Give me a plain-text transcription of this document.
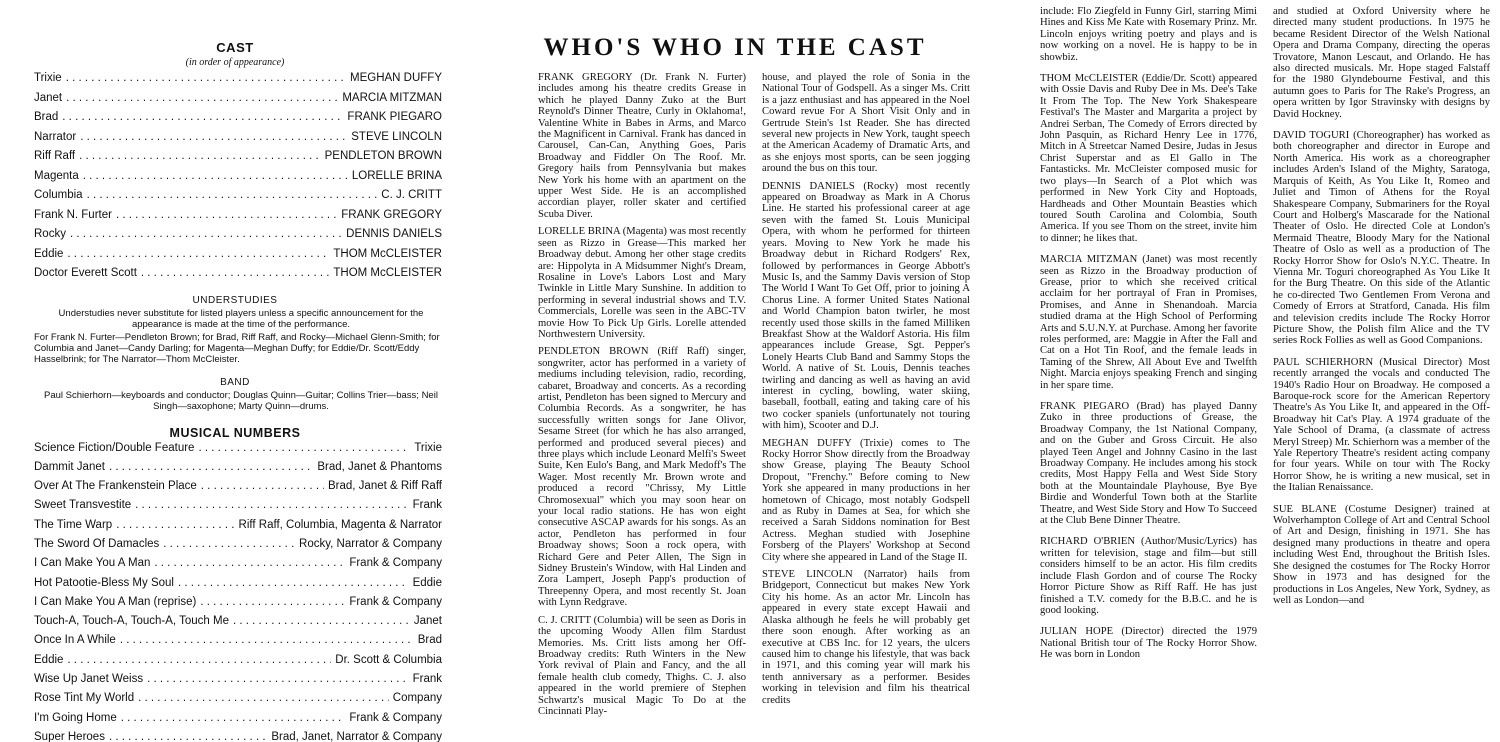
CAST
(in order of appearance)
Trixie . . .	MEGHAN DUFFY
Janet . . .	MARCIA MITZMAN
Brad . . .	FRANK PIEGARO
Narrator . . .	STEVE LINCOLN
Riff Raff . . .	PENDLETON BROWN
Magenta . . .	LORELLE BRINA
Columbia . . .	C. J. CRITT
Frank N. Furter . . .	FRANK GREGORY
Rocky . . .	DENNIS DANIELS
Eddie . . .	THOM McCLEISTER
Doctor Everett Scott . . .	THOM McCLEISTER
UNDERSTUDIES
Understudies never substitute for listed players unless a specific announcement for the appearance is made at the time of the performance.
For Frank N. Furter—Pendleton Brown; for Brad, Riff Raff, and Rocky—Michael Glenn-Smith; for Columbia and Janet—Candy Darling; for Magenta—Meghan Duffy; for Eddie/Dr. Scott/Eddy Hasselbrink; for The Narrator—Thom McCleister.
BAND
Paul Schierhorn—keyboards and conductor; Douglas Quinn—Guitar; Collins Trier—bass; Neil Singh—saxophone; Marty Quinn—drums.
MUSICAL NUMBERS
Science Fiction/Double Feature . . .	Trixie
Dammit Janet . . .	Brad, Janet & Phantoms
Over At The Frankenstein Place . . .	Brad, Janet & Riff Raff
Sweet Transvestite . . .	Frank
The Time Warp . . .	Riff Raff, Columbia, Magenta & Narrator
The Sword Of Damacles . . .	Rocky, Narrator & Company
I Can Make You A Man . . .	Frank & Company
Hot Patootie-Bless My Soul . . .	Eddie
I Can Make You A Man (reprise) . . .	Frank & Company
Touch-A, Touch-A, Touch-A, Touch Me . . .	Janet
Once In A While . . .	Brad
Eddie . . .	Dr. Scott & Columbia
Wise Up Janet Weiss . . .	Frank
Rose Tint My World . . .	Company
I'm Going Home . . .	Frank & Company
Super Heroes . . .	Brad, Janet, Narrator & Company
WHO'S WHO IN THE CAST

FRANK GREGORY (Dr. Frank N. Furter) includes among his theatre credits Grease in which he played Danny Zuko at the Burt Reynold's Dinner Theatre, Curly in Oklahoma!, Valentine White in Babes in Arms, and Marco the Magnificent in Carnival. Frank has danced in Carousel, Can-Can, Anything Goes, Paris Broadway and Fiddler On The Roof. Mr. Gregory hails from Pennsylvania but makes New York his home with an apartment on the upper West Side. He is an accomplished accordian player, roller skater and certified Scuba Diver.

LORELLE BRINA (Magenta) was most recently seen as Rizzo in Grease—This marked her Broadway debut. Among her other stage credits are: Hippolyta in A Midsummer Night's Dream, Rosaline in Love's Labors Lost and Mary Twinkle in Little Mary Sunshine. In addition to performing in several industrial shows and T.V. Commercials, Lorelle was seen in the ABC-TV movie How To Pick Up Girls. Lorelle attended Northwestern University.

PENDLETON BROWN (Riff Raff) singer, songwriter, actor has performed in a variety of mediums including television, radio, recording, cabaret, Broadway and concerts. As a recording artist, Pendleton has been signed to Mercury and Columbia Records. As a songwriter, he has successfully written songs for Jane Olivor, Sesame Street (for which he has also arranged, performed and produced several pieces) and three plays which include Leonard Melfi's Sweet Suite, Ken Eulo's Bang, and Mark Medoff's The Wager. Most recently Mr. Brown wrote and produced a record "Chrissy, My Little Chromosexual" which you may soon hear on your local radio stations. He has won eight consecutive ASCAP awards for his songs. As an actor, Pendleton has performed in four Broadway shows; Soon a rock opera, with Richard Gere and Peter Allen, The Sign in Sidney Brustein's Window, with Hal Linden and Zora Lampert, Joseph Papp's production of Threepenny Opera, and most recently St. Joan with Lynn Redgrave.

C. J. CRITT (Columbia) will be seen as Doris in the upcoming Woody Allen film Stardust Memories. Ms. Critt lists among her Off-Broadway credits: Ruth Winters in the New York revival of Plain and Fancy, and the all female health club comedy, Thighs. C. J. also appeared in the world premiere of Stephen Schwartz's musical Magic To Do at the Cincinnati Play-

house, and played the role of Sonia in the National Tour of Godspell. As a singer Ms. Critt is a jazz enthusiast and has appeared in the Noel Coward revue For A Short Visit Only and in Gertrude Stein's 1st Reader. She has directed several new projects in New York, taught speech at the American Academy of Dramatic Arts, and as she enjoys most sports, can be seen jogging around the bus on this tour.

DENNIS DANIELS (Rocky) most recently appeared on Broadway as Mark in A Chorus Line. He started his professional career at age seven with the famed St. Louis Municipal Opera, with whom he performed for thirteen years. Moving to New York he made his Broadway debut in Richard Rodgers' Rex, followed by performances in George Abbott's Music Is, and the Sammy Davis version of Stop The World I Want To Get Off, prior to joining A Chorus Line. A former United States National and World Champion baton twirler, he most recently used those skills in the famed Milliken Breakfast Show at the Waldorf Astoria. His film appearances include Grease, Sgt. Pepper's Lonely Hearts Club Band and Sammy Stops the World. A native of St. Louis, Dennis teaches twirling and dancing as well as having an avid interest in cycling, bowling, water skiing, baseball, football, eating and taking care of his two cocker spaniels (unfortunately not touring with him), Scooter and D.J.

MEGHAN DUFFY (Trixie) comes to The Rocky Horror Show directly from the Broadway show Grease, playing The Beauty School Dropout, "Frenchy." Before coming to New York she appeared in many productions in her hometown of Chicago, most notably Godspell and as Ruby in Dames at Sea, for which she received a Sarah Siddons nomination for Best Actress. Meghan studied with Josephine Forsberg of the Players' Workshop at Second City where she appeared in Land of the Stage II.

STEVE LINCOLN (Narrator) hails from Bridgeport, Connecticut but makes New York City his home. As an actor Mr. Lincoln has appeared in every state except Hawaii and Alaska although he feels he will probably get there soon enough. After working as an executive at CBS Inc. for 12 years, the ulcers caused him to change his lifestyle, that was back in 1971, and this coming year will mark his tenth anniversary as a performer. Besides working in television and film his theatrical credits

include: Flo Ziegfeld in Funny Girl, starring Mimi Hines and Kiss Me Kate with Rosemary Prinz. Mr. Lincoln enjoys writing poetry and plays and is now working on a novel. He is happy to be in showbiz.

THOM McCLEISTER (Eddie/Dr. Scott) appeared with Ossie Davis and Ruby Dee in Ms. Dee's Take It From The Top. The New York Shakespeare Festival's The Master and Margarita a project by Andrei Serban, The Comedy of Errors directed by John Pasquin, as Richard Henry Lee in 1776, Mitch in A Streetcar Named Desire, Judas in Jesus Christ Superstar and as El Gallo in The Fantasticks. Mr. McCleister composed music for two plays—In Search of a Plot which was performed in New York City and Hoptoads, Hardheads and Other Mountain Beasties which toured South Carolina and Colombia, South America. If you see Thom on the street, invite him to dinner; he likes that.

MARCIA MITZMAN (Janet) was most recently seen as Rizzo in the Broadway production of Grease, prior to which she received critical acclaim for her portrayal of Fran in Promises, Promises, and Anne in Shenandoah. Marcia studied drama at the High School of Performing Arts and S.U.N.Y. at Purchase. Among her favorite roles performed, are: Maggie in After the Fall and Cat on a Hot Tin Roof, and the female leads in Taming of the Shrew, All About Eve and Twelfth Night. Marcia enjoys speaking French and singing in her spare time.

FRANK PIEGARO (Brad) has played Danny Zuko in three productions of Grease, the Broadway Company, the 1st National Company, and on the Guber and Gross Circuit. He also played Teen Angel and Johnny Casino in the last Broadway Company. He includes among his stock credits, Most Happy Fella and West Side Story both at the Mountaindale Playhouse, Bye Bye Birdie and Wonderful Town both at the Starlite Theatre, and West Side Story and How To Succeed at the Club Bene Dinner Theatre.

RICHARD O'BRIEN (Author/Music/Lyrics) has written for television, stage and film—but still considers himself to be an actor. His film credits include Flash Gordon and of course The Rocky Horror Picture Show as Riff Raff. He has just finished a T.V. comedy for the B.B.C. and he is good looking.

JULIAN HOPE (Director) directed the 1979 National British tour of The Rocky Horror Show. He was born in London

and studied at Oxford University where he directed many student productions. In 1975 he became Resident Director of the Welsh National Opera and Drama Company, directing the operas Trovatore, Manon Lescaut, and Orlando. He has also directed musicals. Mr. Hope staged Falstaff for the 1980 Glyndebourne Festival, and this autumn goes to Paris for The Rake's Progress, an opera written by Igor Stravinsky with designs by David Hockney.

DAVID TOGURI (Choreographer) has worked as both choreographer and director in Europe and North America. His work as a choreographer includes Arden's Island of the Mighty, Saratoga, Marquis of Keith, As You Like It, Romeo and Juliet and Timon of Athens for the Royal Shakespeare Company, Submariners for the Royal Court and Holberg's Mascarade for the National Theater of Oslo. He directed Cole at London's Mermaid Theatre, Bloody Mary for the National Theatre of Oslo as well as a production of The Rocky Horror Show for Oslo's N.Y.C. Theatre. In Vienna Mr. Toguri choreographed As You Like It for the Burg Theatre. On this side of the Atlantic he co-directed Two Gentlemen From Verona and Comedy of Errors at Stratford, Canada. His film and television credits include The Rocky Horror Picture Show, the Polish film Alice and the TV series Rock Follies as well as Good Companions.

PAUL SCHIERHORN (Musical Director) Most recently arranged the vocals and conducted The 1940's Radio Hour on Broadway. He composed a Baroque-rock score for the American Repertory Theatre's As You Like It, and appeared in the Off-Broadway hit Cat's Play. A 1974 graduate of the Yale School of Drama, (a classmate of actress Meryl Streep) Mr. Schierhorn was a member of the Yale Repertory Theatre's resident acting company for four years. While on tour with The Rocky Horror Show, he is writing a new musical, set in the Italian Renaissance.

SUE BLANE (Costume Designer) trained at Wolverhampton College of Art and Central School of Art and Design, finishing in 1971. She has designed many productions in theatre and opera including West End, throughout the British Isles. She designed the costumes for The Rocky Horror Show in 1973 and has designed for the productions in Los Angeles, New York, Sydney, as well as London—and
